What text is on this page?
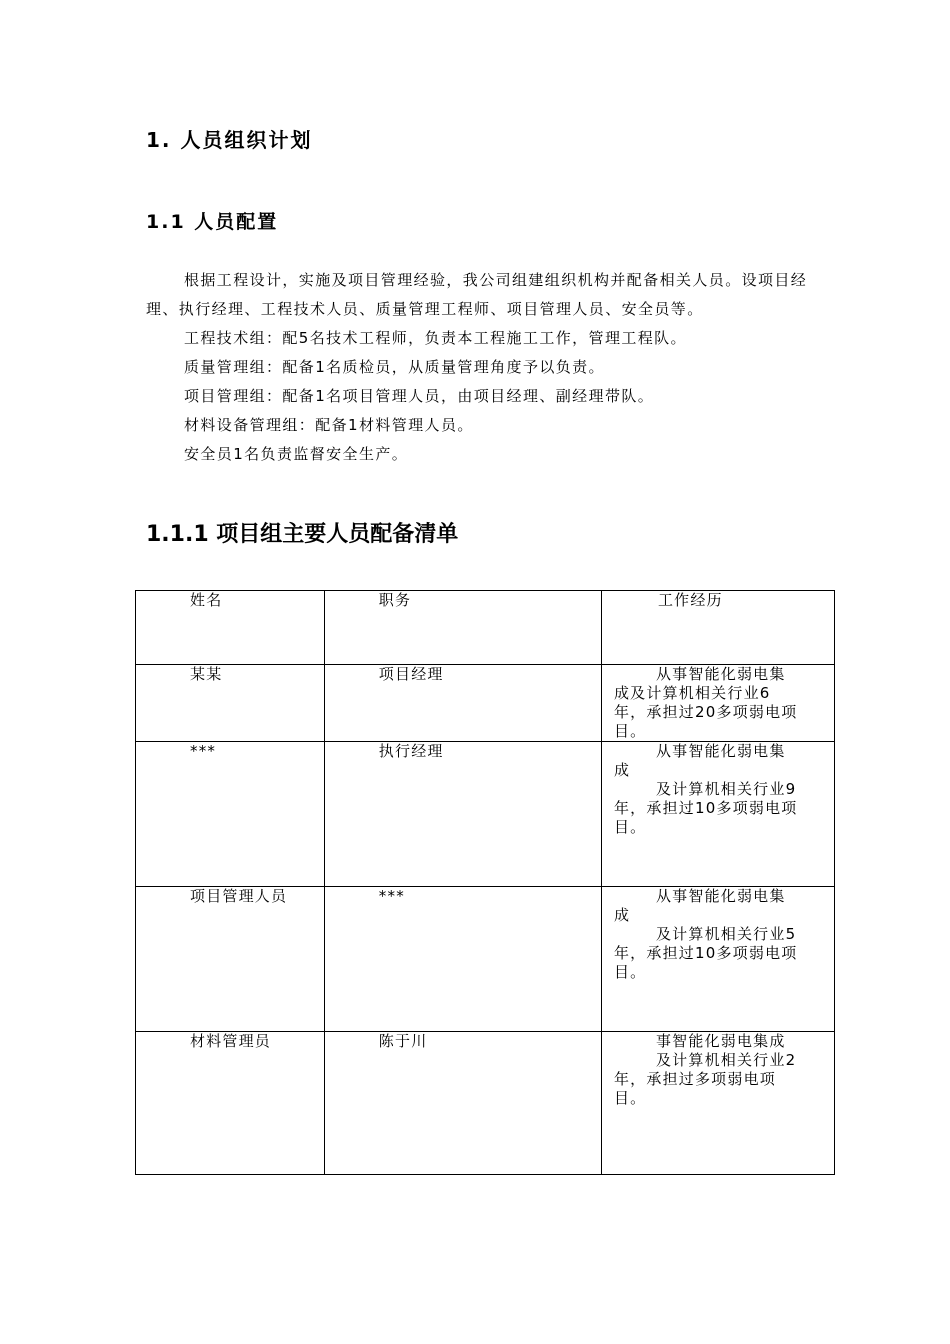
1. 人员组织计划
1.1 人员配置

根据工程设计，实施及项目管理经验，我公司组建组织机构并配备相关人员。设项目经理、执行经理、工程技术人员、质量管理工程师、项目管理人员、安全员等。

工程技术组：配5名技术工程师，负责本工程施工工作，管理工程队。

质量管理组：配备1名质检员，从质量管理角度予以负责。

项目管理组：配备1名项目管理人员，由项目经理、副经理带队。

材料设备管理组：配备1材料管理人员。

安全员1名负责监督安全生产。

1.1.1 项目组主要人员配备清单
姓名	职务	工作经历
某某	项目经理	从事智能化弱电集
成及计算机相关行业6
年，承担过20多项弱电项
目。

***	执行经理	从事智能化弱电集
成
及计算机相关行业9
年，承担过10多项弱电项
目。

项目管理人员	***	从事智能化弱电集
成
及计算机相关行业5
年，承担过10多项弱电项
目。

材料管理员	陈于川	事智能化弱电集成
及计算机相关行业2
年，承担过多项弱电项
目。
